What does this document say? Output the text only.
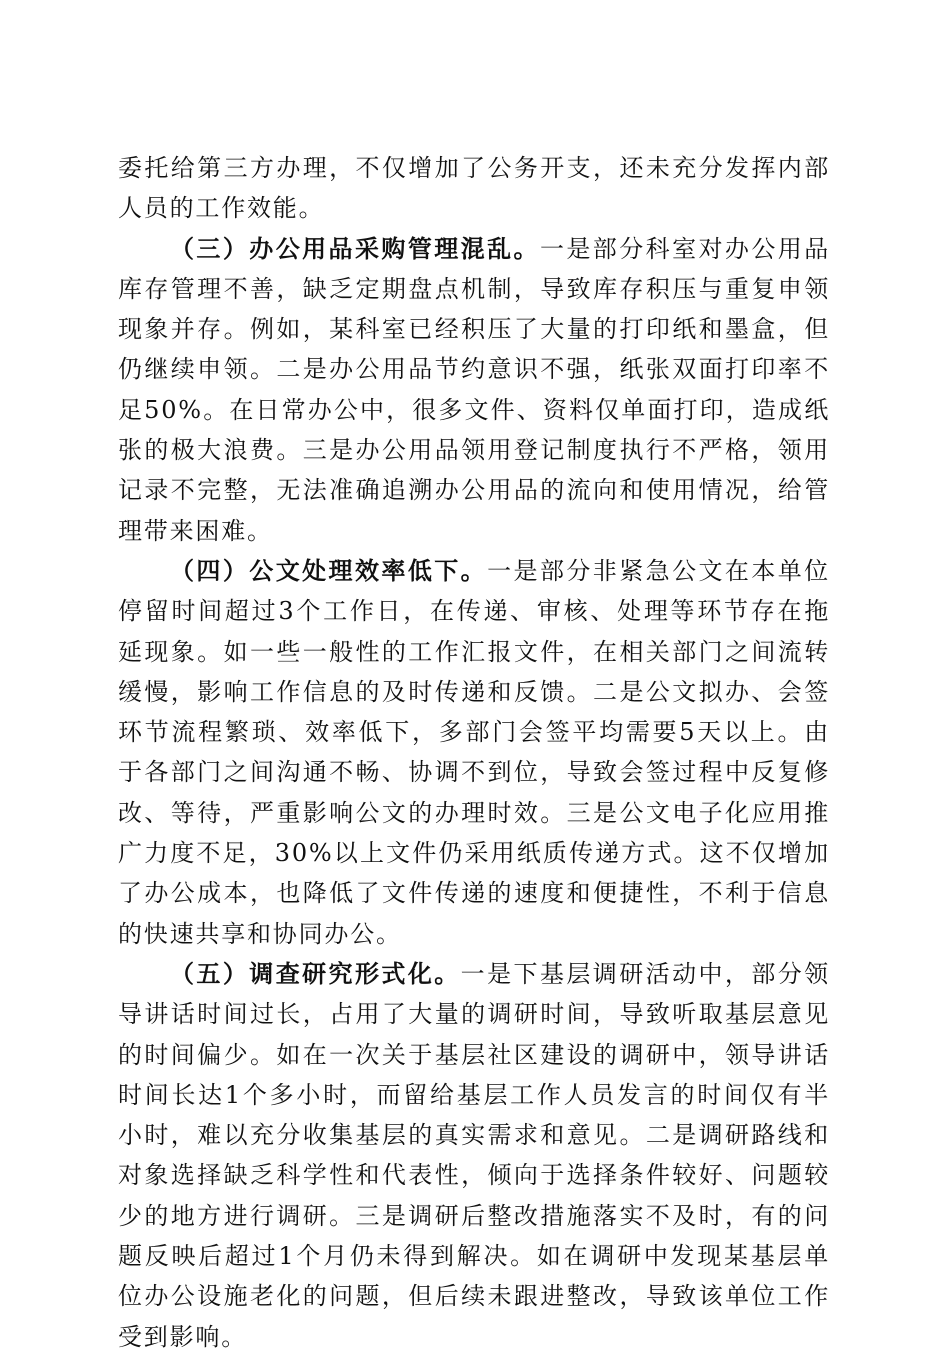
委托给第三方办理，不仅增加了公务开支，还未充分发挥内部人员的工作效能。

（三）办公用品采购管理混乱。一是部分科室对办公用品库存管理不善，缺乏定期盘点机制，导致库存积压与重复申领现象并存。例如，某科室已经积压了大量的打印纸和墨盒，但仍继续申领。二是办公用品节约意识不强，纸张双面打印率不足50%。在日常办公中，很多文件、资料仅单面打印，造成纸张的极大浪费。三是办公用品领用登记制度执行不严格，领用记录不完整，无法准确追溯办公用品的流向和使用情况，给管理带来困难。

（四）公文处理效率低下。一是部分非紧急公文在本单位停留时间超过3个工作日，在传递、审核、处理等环节存在拖延现象。如一些一般性的工作汇报文件，在相关部门之间流转缓慢，影响工作信息的及时传递和反馈。二是公文拟办、会签环节流程繁琐、效率低下，多部门会签平均需要5天以上。由于各部门之间沟通不畅、协调不到位，导致会签过程中反复修改、等待，严重影响公文的办理时效。三是公文电子化应用推广力度不足，30%以上文件仍采用纸质传递方式。这不仅增加了办公成本，也降低了文件传递的速度和便捷性，不利于信息的快速共享和协同办公。

（五）调查研究形式化。一是下基层调研活动中，部分领导讲话时间过长，占用了大量的调研时间，导致听取基层意见的时间偏少。如在一次关于基层社区建设的调研中，领导讲话时间长达1个多小时，而留给基层工作人员发言的时间仅有半小时，难以充分收集基层的真实需求和意见。二是调研路线和对象选择缺乏科学性和代表性，倾向于选择条件较好、问题较少的地方进行调研。三是调研后整改措施落实不及时，有的问题反映后超过1个月仍未得到解决。如在调研中发现某基层单位办公设施老化的问题，但后续未跟进整改，导致该单位工作受到影响。
